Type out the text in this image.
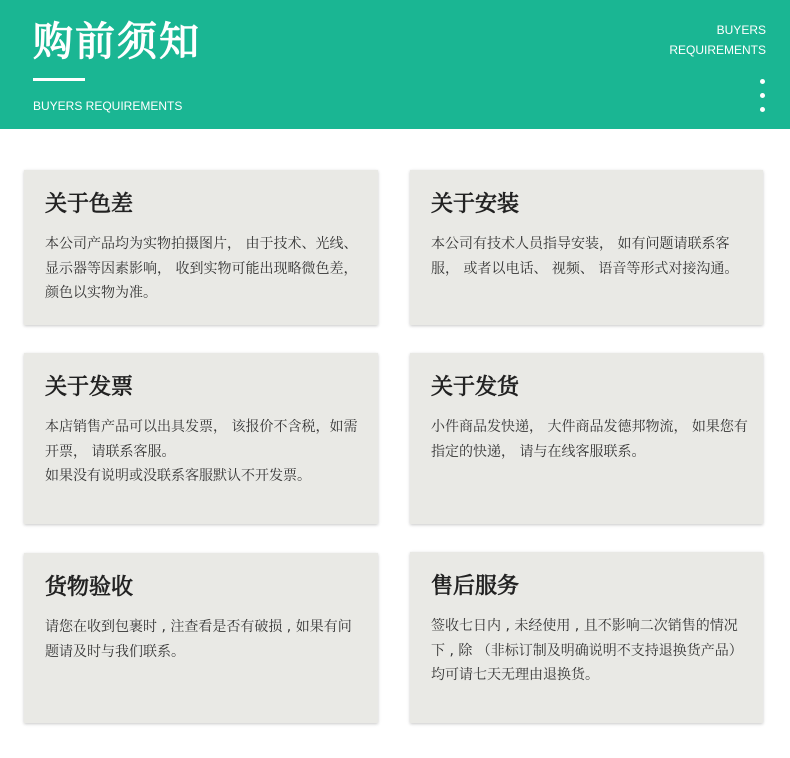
购前须知
BUYERS REQUIREMENTS
BUYERS
REQUIREMENTS
关于色差

本公司产品均为实物拍摄图片， 由于技术、光线、 显示器等因素影响， 收到实物可能出现略微色差， 颜色以实物为准。

关于安装

本公司有技术人员指导安装， 如有问题请联系客服， 或者以电话、 视频、 语音等形式对接沟通。

关于发票

本店销售产品可以出具发票， 该报价不含税，如需开票， 请联系客服。

如果没有说明或没联系客服默认不开发票。

关于发货

小件商品发快递， 大件商品发德邦物流， 如果您有指定的快递， 请与在线客服联系。

货物验收

请您在收到包裹时 , 注查看是否有破损 , 如果有问题请及时与我们联系。

售后服务

签收七日内 , 未经使用 , 且不影响二次销售的情况下 , 除 （非标订制及明确说明不支持退换货产品） 均可请七天无理由退换货。
